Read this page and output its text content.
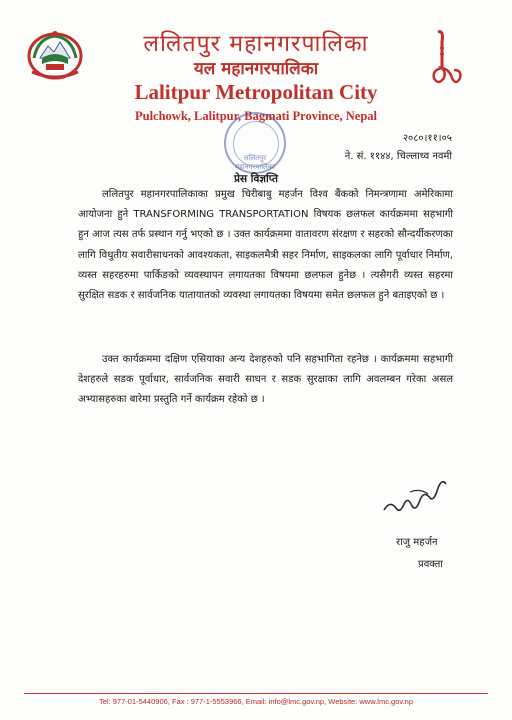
ललितपुर महानगरपालिका
यल महानगरपालिका
Lalitpur Metropolitan City
Pulchowk, Lalitpur, Bagmati Province, Nepal
ललितपुर महानगरपालिका
२०८०।११।०५
ने. सं. ११४४, चिल्लाथ्व नवमी
प्रेस विज्ञप्ति

ललितपुर महानगरपालिकाका प्रमुख चिरीबाबु महर्जन विश्व बैंकको निमन्त्रणामा अमेरिकामा आयोजना हुने TRANSFORMING TRANSPORTATION विषयक छलफल कार्यक्रममा सहभागी हुन आज त्यस तर्फ प्रस्थान गर्नु भएको छ । उक्त कार्यक्रममा वातावरण संरक्षण र सहरको सौन्दर्यीकरणका लागि विधुतीय सवारीसाधनको आवश्यकता, साइकलमैत्री सहर निर्माण, साइकलका लागि पूर्वाधार निर्माण, व्यस्त सहरहरुमा पार्किङको व्यवस्थापन लगायतका विषयमा छलफल हुनेछ । त्यसैगरी व्यस्त सहरमा सुरक्षित सडक र सार्वजनिक यातायातको व्यवस्था लगायतका विषयमा समेत छलफल हुने बताइएको छ ।

उक्त कार्यक्रममा दक्षिण एसियाका अन्य देशहरुको पनि सहभागिता रहनेछ । कार्यक्रममा सहभागी देशहरुले सडक पूर्वाधार, सार्वजनिक सवारी साधन र सडक सुरक्षाका लागि अवलम्बन गरेका असल अभ्यासहरुका बारेमा प्रस्तुति गर्ने कार्यक्रम रहेको छ ।

राजु महर्जन
प्रवक्ता
Tel: 977-01-5440906, Fax : 977-1-5553966, Email: info@lmc.gov.np, Website: www.lmc.gov.np
